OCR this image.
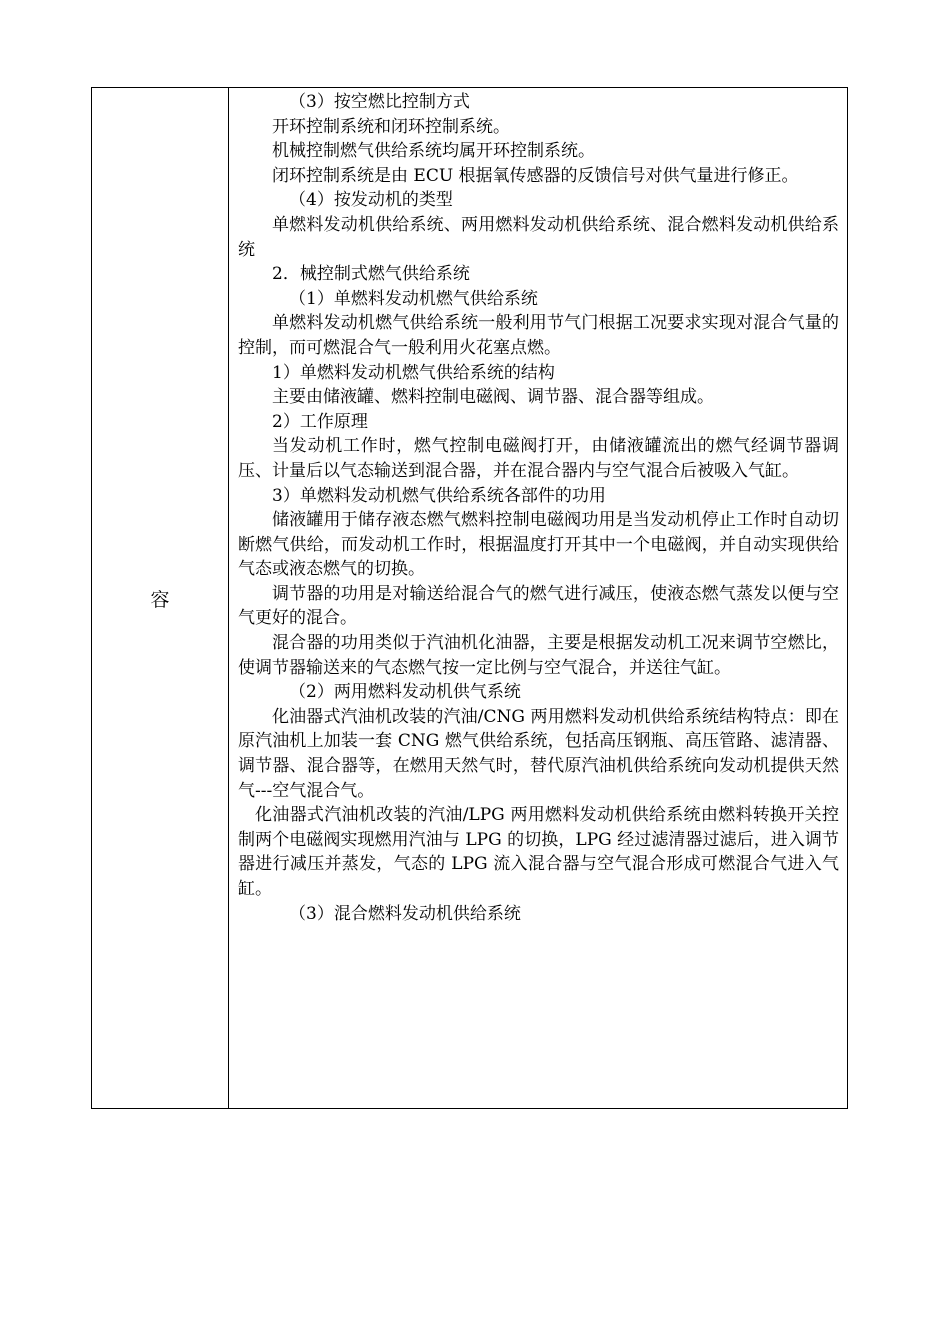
容

（3）按空燃比控制方式

开环控制系统和闭环控制系统。

机械控制燃气供给系统均属开环控制系统。

闭环控制系统是由 ECU 根据氧传感器的反馈信号对供气量进行修正。

（4）按发动机的类型

单燃料发动机供给系统、两用燃料发动机供给系统、混合燃料发动机供给系统

2．械控制式燃气供给系统

（1）单燃料发动机燃气供给系统

单燃料发动机燃气供给系统一般利用节气门根据工况要求实现对混合气量的控制，而可燃混合气一般利用火花塞点燃。

1）单燃料发动机燃气供给系统的结构

主要由储液罐、燃料控制电磁阀、调节器、混合器等组成。

2）工作原理

当发动机工作时，燃气控制电磁阀打开，由储液罐流出的燃气经调节器调压、计量后以气态输送到混合器，并在混合器内与空气混合后被吸入气缸。

3）单燃料发动机燃气供给系统各部件的功用

储液罐用于储存液态燃气燃料控制电磁阀功用是当发动机停止工作时自动切断燃气供给，而发动机工作时，根据温度打开其中一个电磁阀，并自动实现供给气态或液态燃气的切换。

调节器的功用是对输送给混合气的燃气进行减压，使液态燃气蒸发以便与空气更好的混合。

混合器的功用类似于汽油机化油器，主要是根据发动机工况来调节空燃比，使调节器输送来的气态燃气按一定比例与空气混合，并送往气缸。

（2）两用燃料发动机供气系统

化油器式汽油机改装的汽油/CNG 两用燃料发动机供给系统结构特点：即在原汽油机上加装一套 CNG 燃气供给系统，包括高压钢瓶、高压管路、滤清器、调节器、混合器等，在燃用天然气时，替代原汽油机供给系统向发动机提供天然气---空气混合气。

化油器式汽油机改装的汽油/LPG 两用燃料发动机供给系统由燃料转换开关控制两个电磁阀实现燃用汽油与 LPG 的切换，LPG 经过滤清器过滤后，进入调节器进行减压并蒸发，气态的 LPG 流入混合器与空气混合形成可燃混合气进入气缸。

（3）混合燃料发动机供给系统
